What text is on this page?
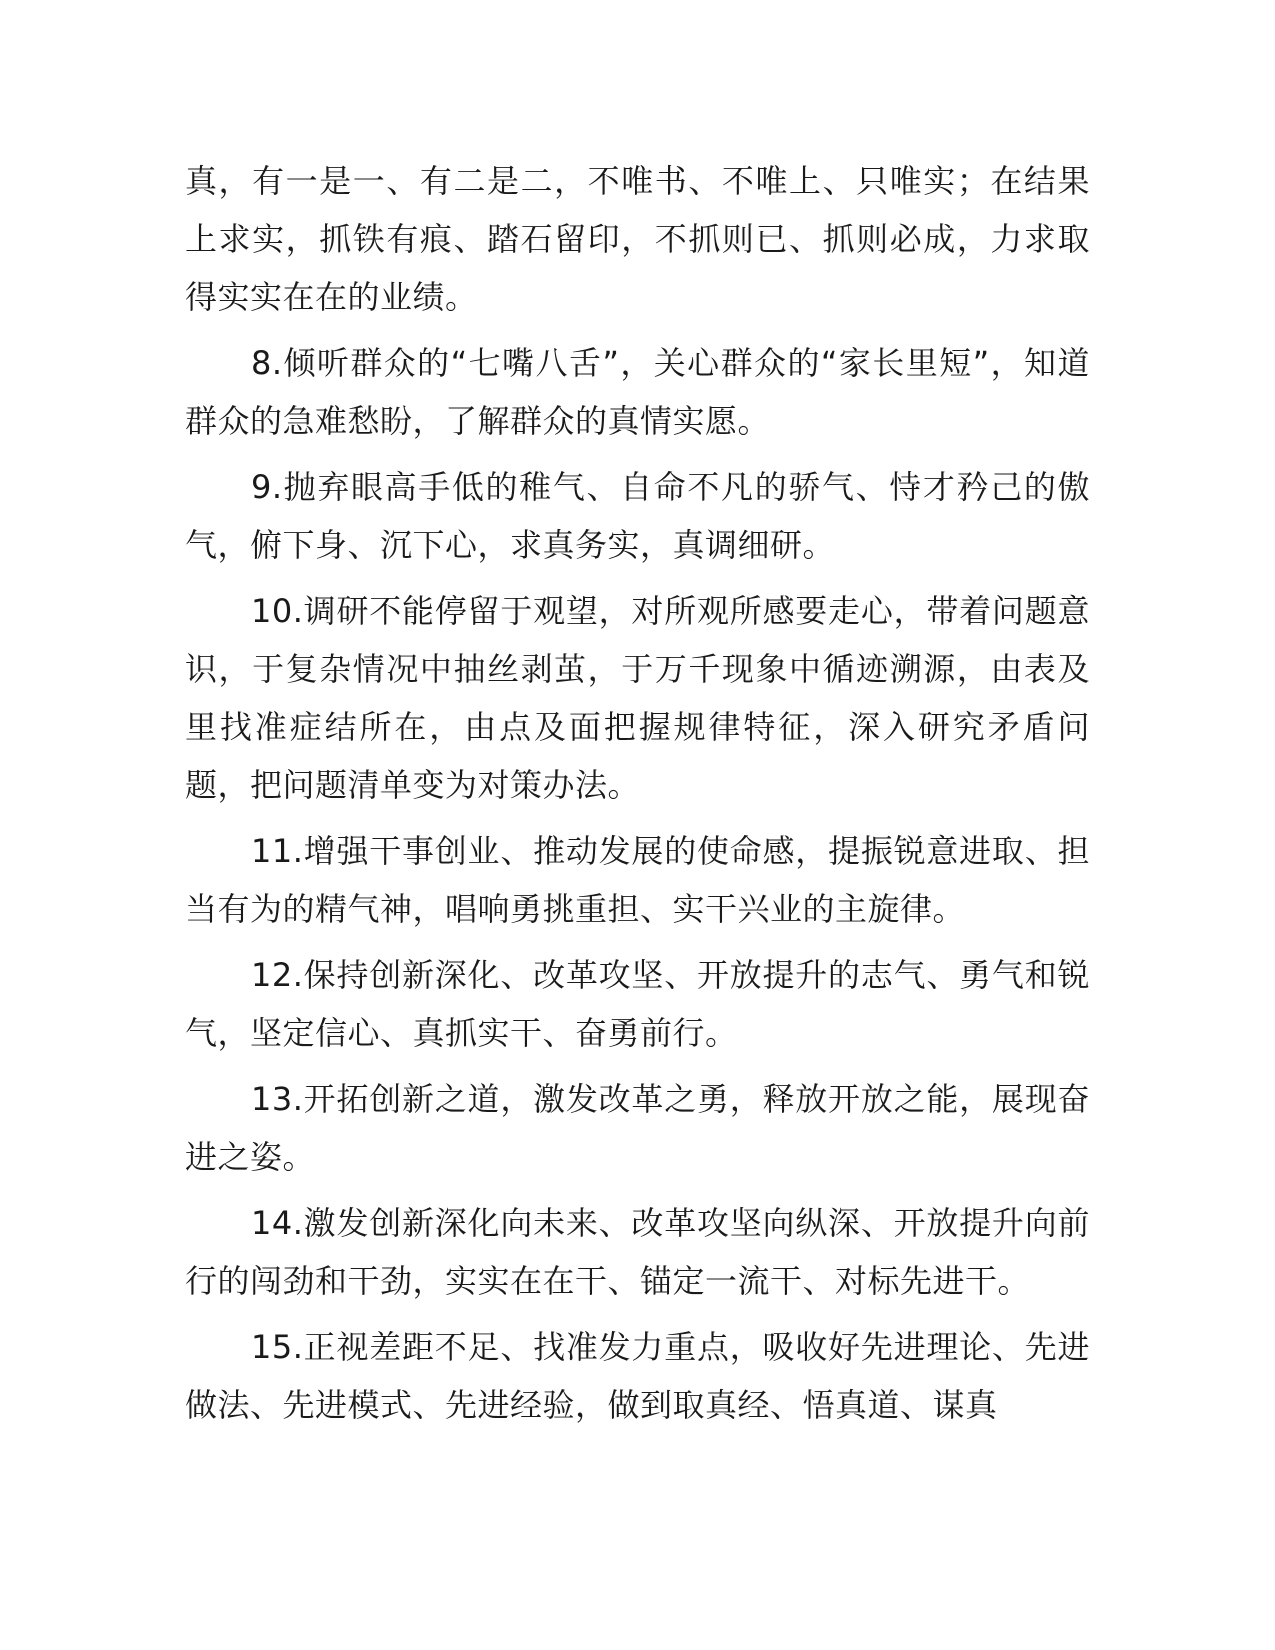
真，有一是一、有二是二，不唯书、不唯上、只唯实；在结果上求实，抓铁有痕、踏石留印，不抓则已、抓则必成，力求取得实实在在的业绩。

8.倾听群众的“七嘴八舌”，关心群众的“家长里短”，知道群众的急难愁盼，了解群众的真情实愿。

9.抛弃眼高手低的稚气、自命不凡的骄气、恃才矜己的傲气，俯下身、沉下心，求真务实，真调细研。

10.调研不能停留于观望，对所观所感要走心，带着问题意识，于复杂情况中抽丝剥茧，于万千现象中循迹溯源，由表及里找准症结所在，由点及面把握规律特征，深入研究矛盾问题，把问题清单变为对策办法。

11.增强干事创业、推动发展的使命感，提振锐意进取、担当有为的精气神，唱响勇挑重担、实干兴业的主旋律。

12.保持创新深化、改革攻坚、开放提升的志气、勇气和锐气，坚定信心、真抓实干、奋勇前行。

13.开拓创新之道，激发改革之勇，释放开放之能，展现奋进之姿。

14.激发创新深化向未来、改革攻坚向纵深、开放提升向前行的闯劲和干劲，实实在在干、锚定一流干、对标先进干。

15.正视差距不足、找准发力重点，吸收好先进理论、先进做法、先进模式、先进经验，做到取真经、悟真道、谋真
